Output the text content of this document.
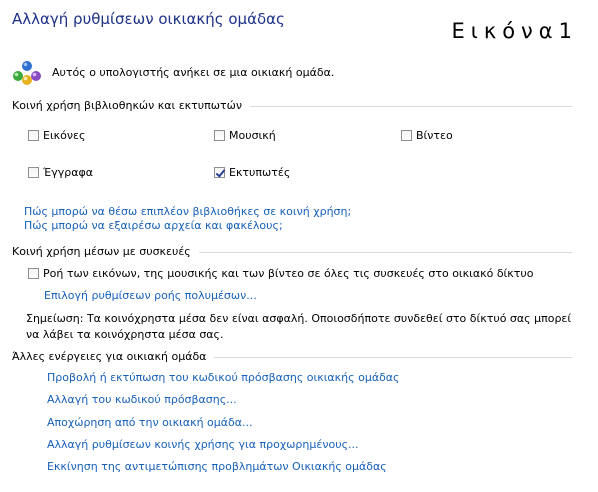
Αλλαγή ρυθμίσεων οικιακής ομάδας	Εικόνα1
Αυτός ο υπολογιστής ανήκει σε μια οικιακή ομάδα.
Κοινή χρήση βιβλιοθηκών και εκτυπωτών
Εικόνες	Μουσική	Βίντεο
Έγγραφα	Εκτυπωτές
Πώς μπορώ να θέσω επιπλέον βιβλιοθήκες σε κοινή χρήση;
Πώς μπορώ να εξαιρέσω αρχεία και φακέλους;
Κοινή χρήση μέσων με συσκευές
Ροή των εικόνων, της μουσικής και των βίντεο σε όλες τις συσκευές στο οικιακό δίκτυο
Επιλογή ρυθμίσεων ροής πολυμέσων...
Σημείωση: Τα κοινόχρηστα μέσα δεν είναι ασφαλή. Οποιοσδήποτε συνδεθεί στο δίκτυό σας μπορεί να λάβει τα κοινόχρηστα μέσα σας.
Άλλες ενέργειες για οικιακή ομάδα
Προβολή ή εκτύπωση του κωδικού πρόσβασης οικιακής ομάδας
Αλλαγή του κωδικού πρόσβασης...
Αποχώρηση από την οικιακή ομάδα...
Αλλαγή ρυθμίσεων κοινής χρήσης για προχωρημένους...
Εκκίνηση της αντιμετώπισης προβλημάτων Οικιακής ομάδας
